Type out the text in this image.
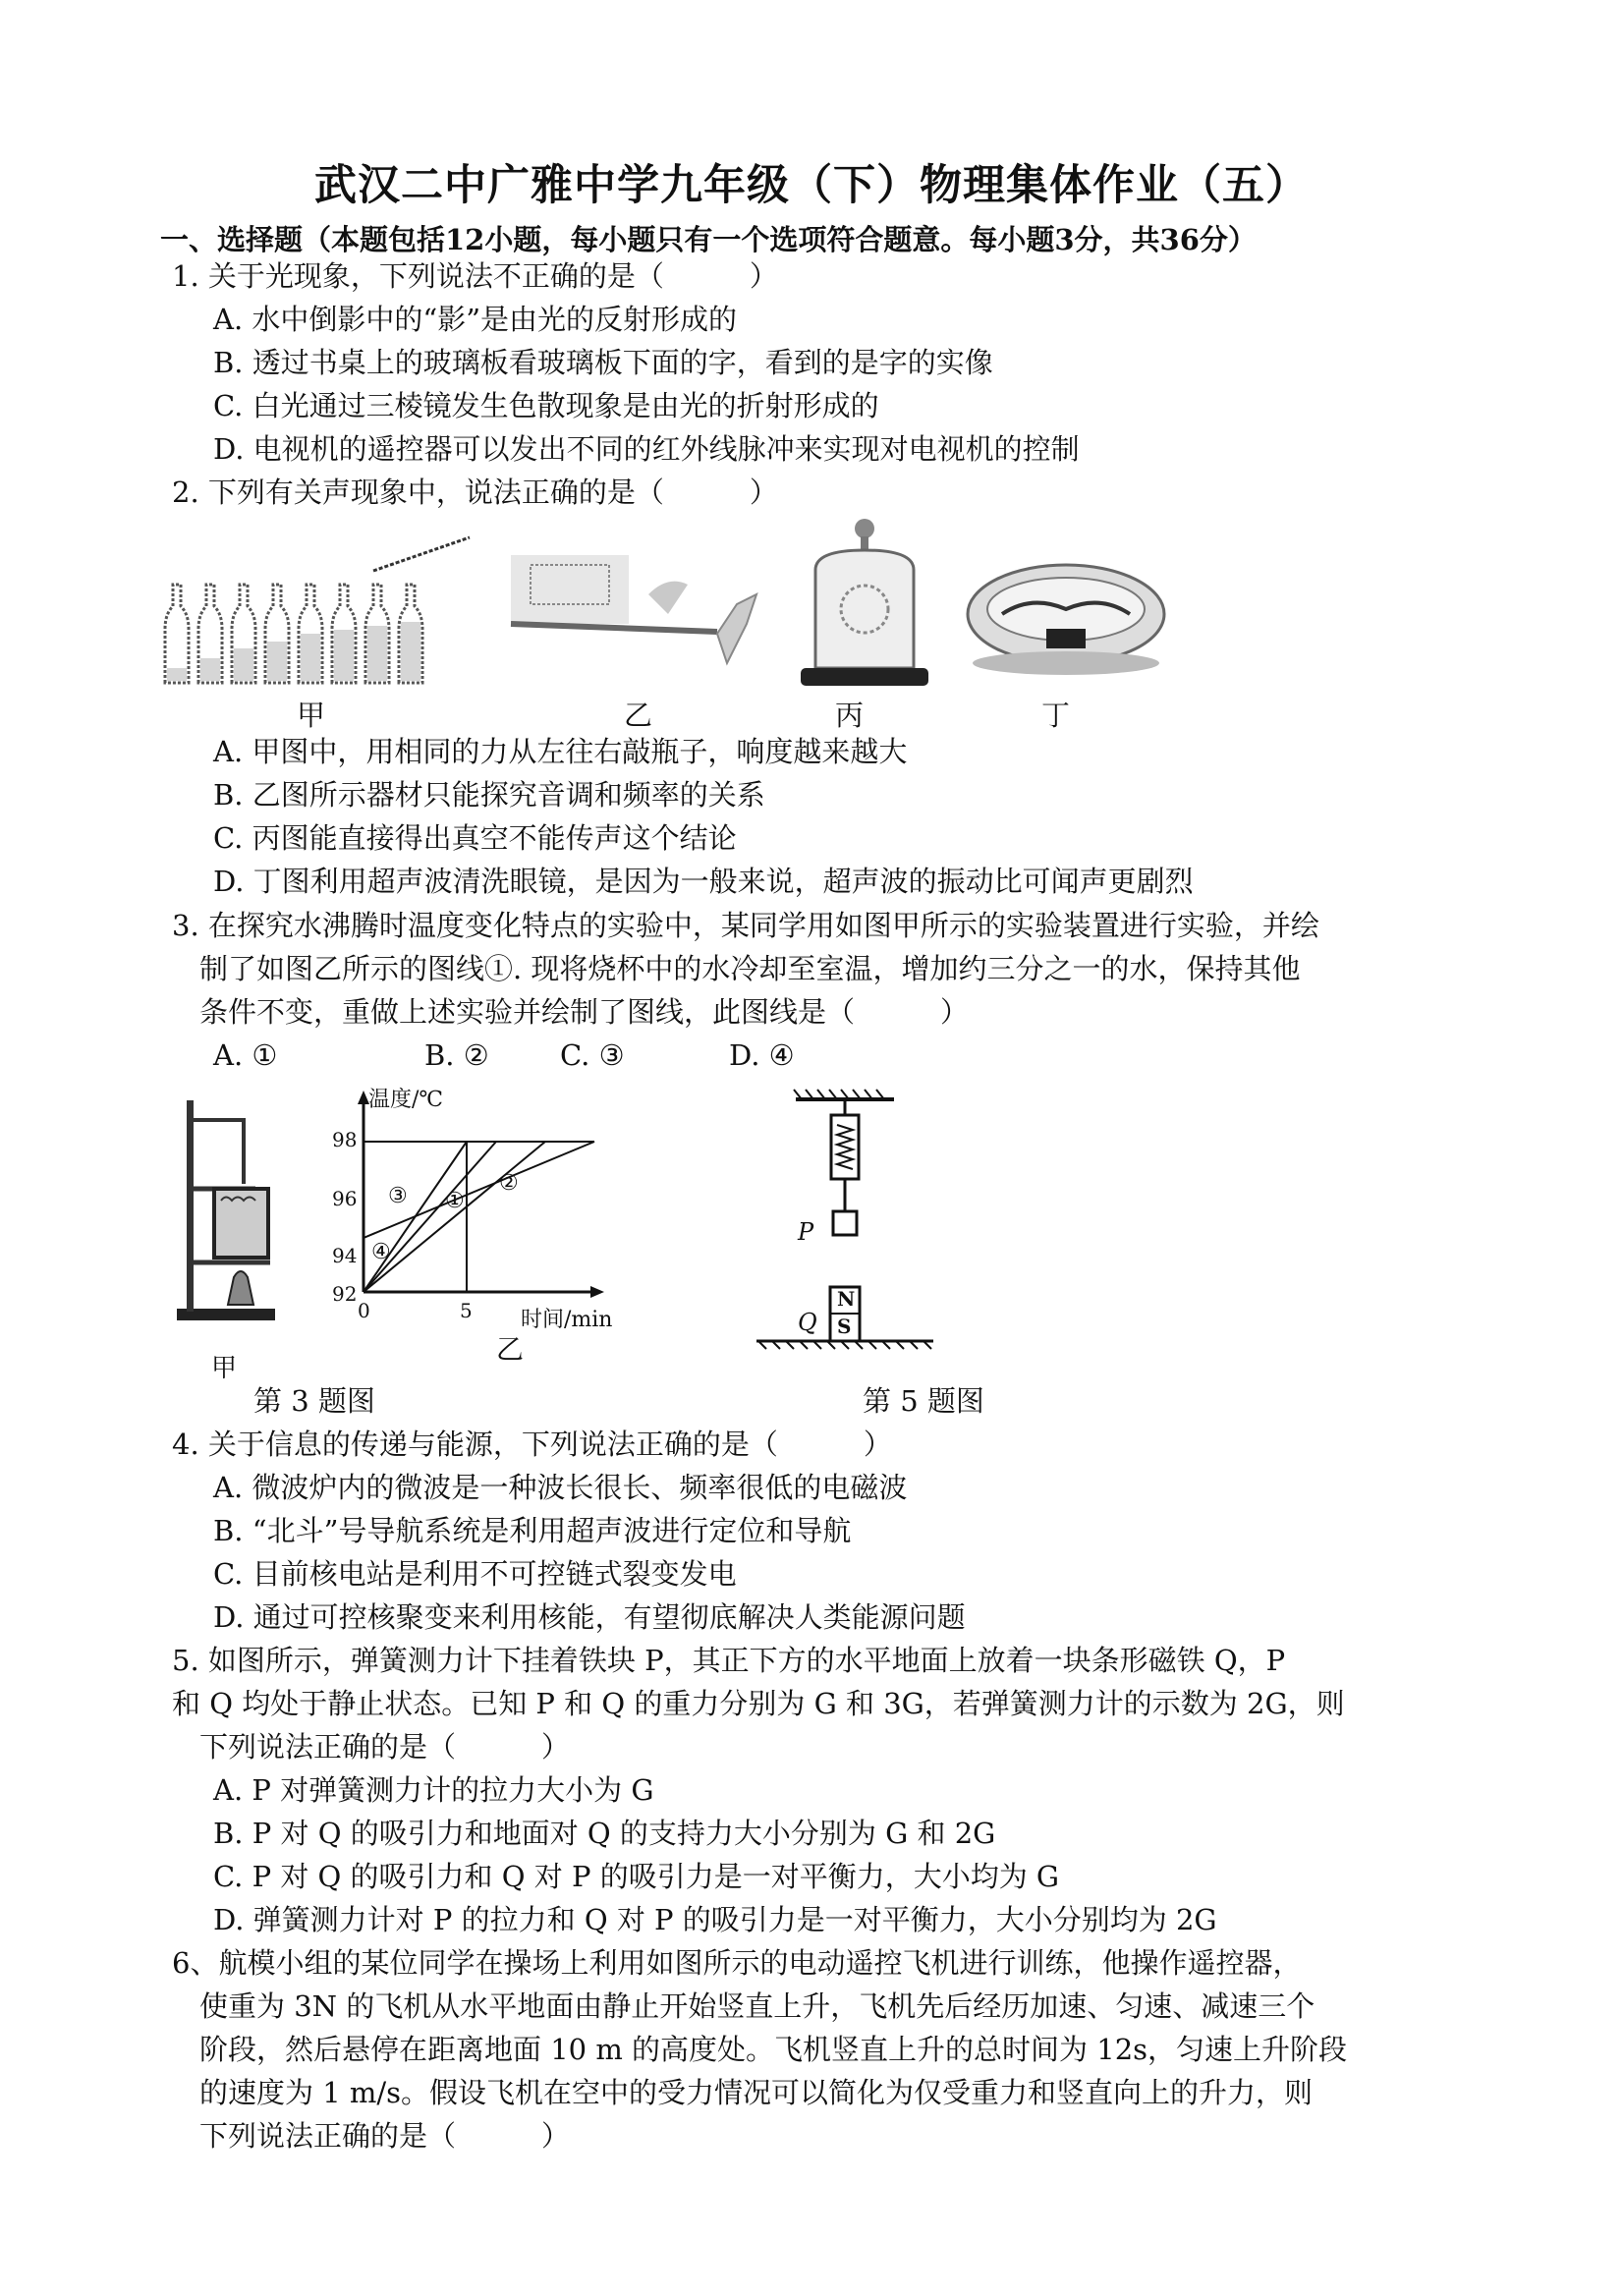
武汉二中广雅中学九年级（下）物理集体作业（五）
一、选择题（本题包括12小题，每小题只有一个选项符合题意。每小题3分，共36分）
1. 关于光现象，下列说法不正确的是（　　　）
A. 水中倒影中的“影”是由光的反射形成的
B. 透过书桌上的玻璃板看玻璃板下面的字，看到的是字的实像
C. 白光通过三棱镜发生色散现象是由光的折射形成的
D. 电视机的遥控器可以发出不同的红外线脉冲来实现对电视机的控制
2. 下列有关声现象中，说法正确的是（　　　）
甲	乙	丙	丁
A. 甲图中，用相同的力从左往右敲瓶子，响度越来越大
B. 乙图所示器材只能探究音调和频率的关系
C. 丙图能直接得出真空不能传声这个结论
D. 丁图利用超声波清洗眼镜，是因为一般来说，超声波的振动比可闻声更剧烈
3. 在探究水沸腾时温度变化特点的实验中，某同学用如图甲所示的实验装置进行实验，并绘
制了如图乙所示的图线①. 现将烧杯中的水冷却至室温，增加约三分之一的水，保持其他
条件不变，重做上述实验并绘制了图线，此图线是（　　　）
A. ①	B. ② C. ③	D. ④
甲
温度/℃
98
96
94
92
0	5 时间/min
③ ①
②
④
乙
P
Q
N
S
第 3 题图	第 5 题图
4. 关于信息的传递与能源，下列说法正确的是（　　　）
A. 微波炉内的微波是一种波长很长、频率很低的电磁波
B. “北斗”号导航系统是利用超声波进行定位和导航
C. 目前核电站是利用不可控链式裂变发电
D. 通过可控核聚变来利用核能，有望彻底解决人类能源问题
5. 如图所示，弹簧测力计下挂着铁块 P，其正下方的水平地面上放着一块条形磁铁 Q，P
和 Q 均处于静止状态。已知 P 和 Q 的重力分别为 G 和 3G，若弹簧测力计的示数为 2G，则
下列说法正确的是（　　　）
A. P 对弹簧测力计的拉力大小为 G
B. P 对 Q 的吸引力和地面对 Q 的支持力大小分别为 G 和 2G
C. P 对 Q 的吸引力和 Q 对 P 的吸引力是一对平衡力，大小均为 G
D. 弹簧测力计对 P 的拉力和 Q 对 P 的吸引力是一对平衡力，大小分别均为 2G
6、航模小组的某位同学在操场上利用如图所示的电动遥控飞机进行训练，他操作遥控器，
使重为 3N 的飞机从水平地面由静止开始竖直上升，飞机先后经历加速、匀速、减速三个
阶段，然后悬停在距离地面 10 m 的高度处。飞机竖直上升的总时间为 12s，匀速上升阶段
的速度为 1 m/s。假设飞机在空中的受力情况可以简化为仅受重力和竖直向上的升力，则
下列说法正确的是（　　　）
